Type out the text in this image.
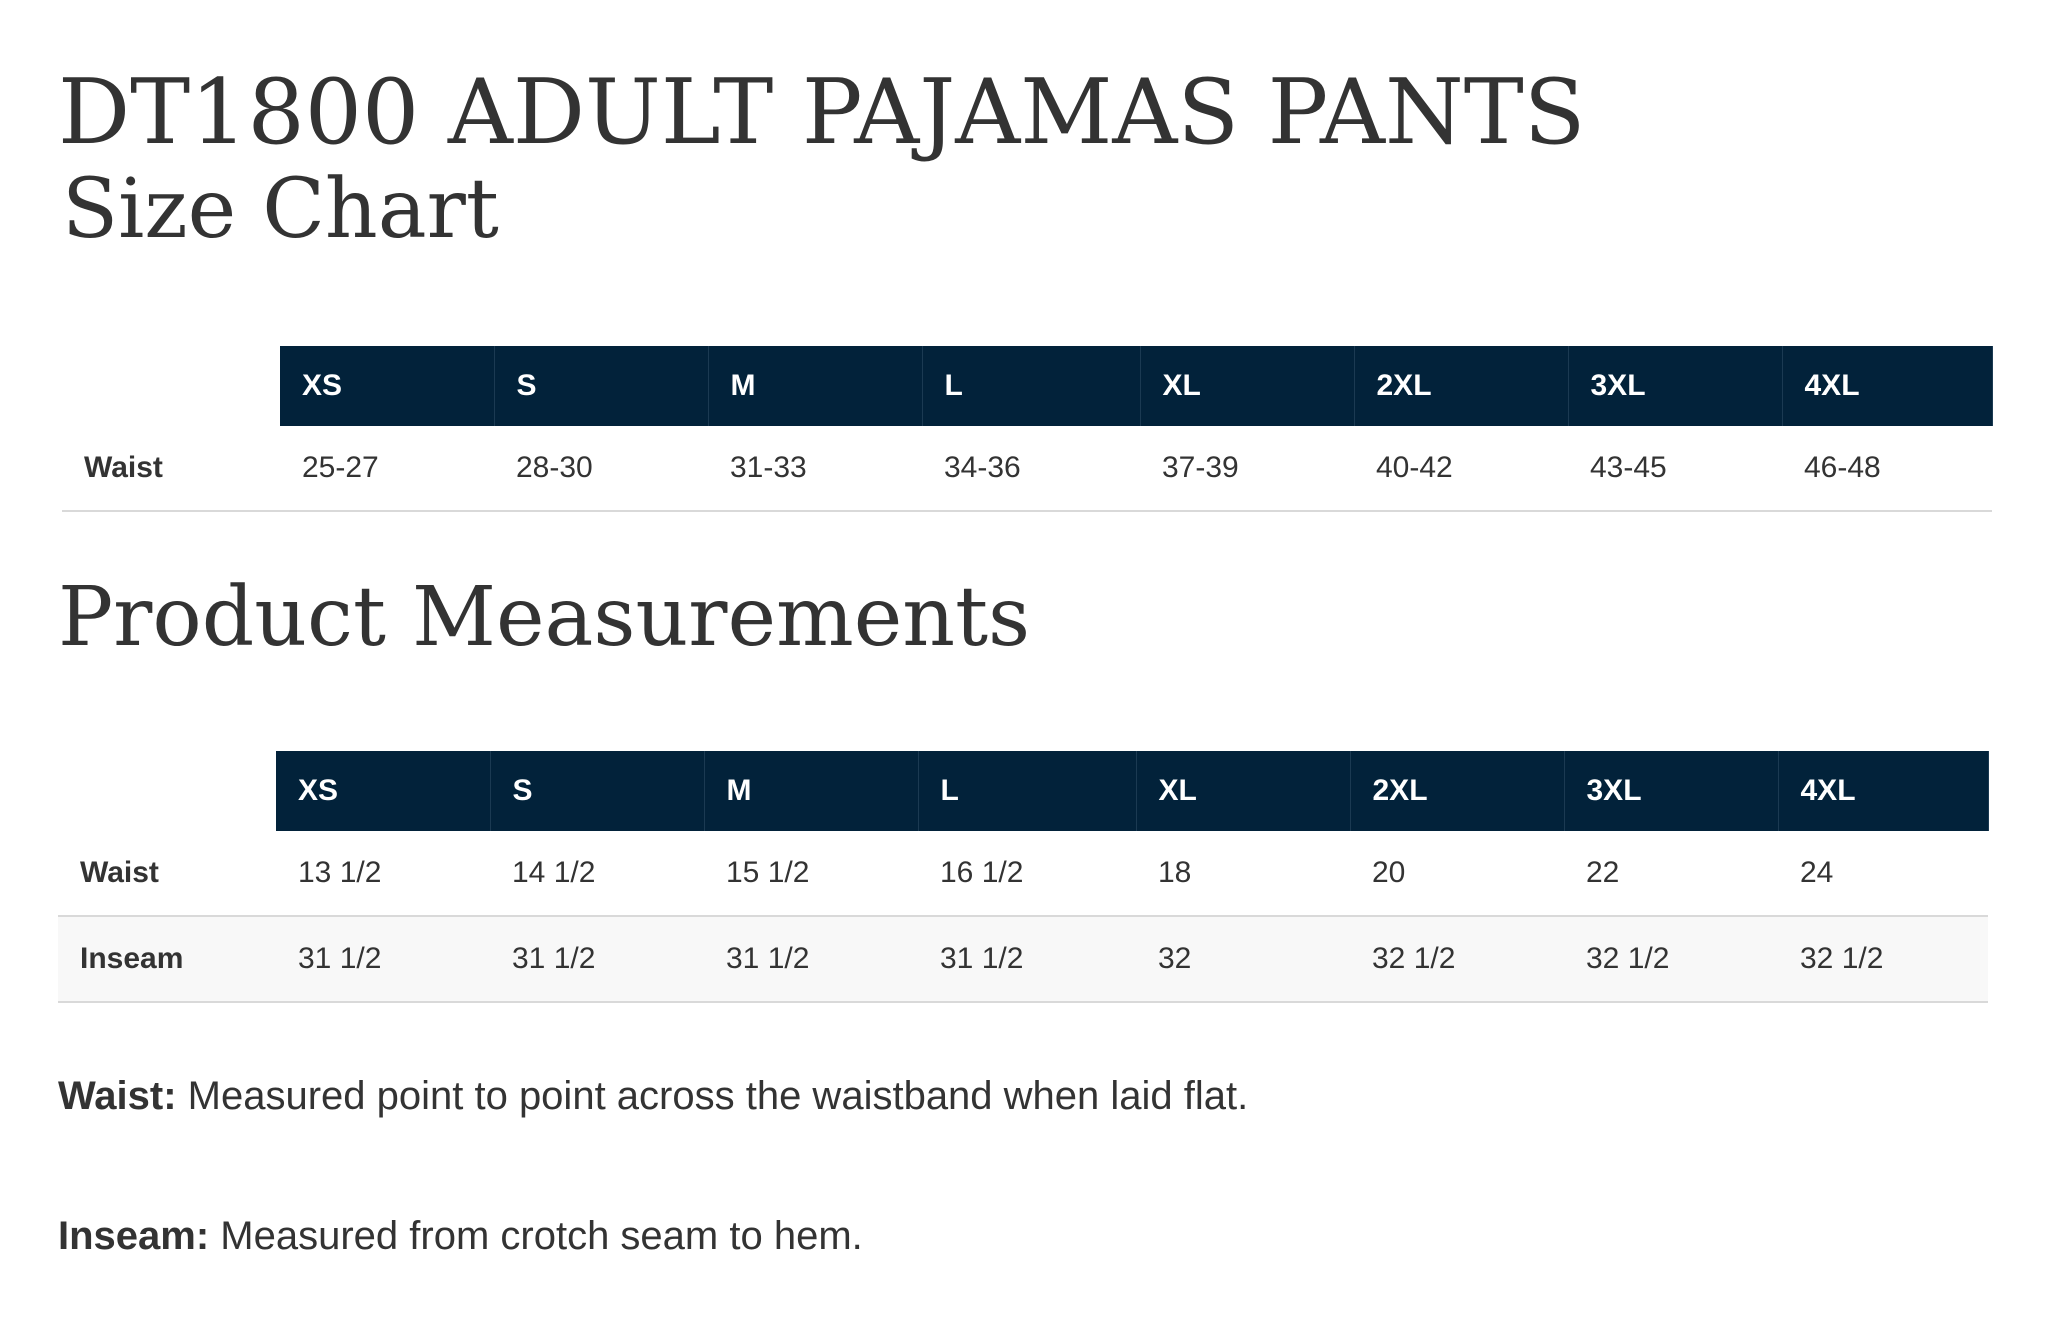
DT1800 ADULT PAJAMAS PANTS
Size Chart
	XS	S	M	L	XL	2XL	3XL	4XL
Waist	25-27	28-30	31-33	34-36	37-39	40-42	43-45	46-48
Product Measurements
	XS	S	M	L	XL	2XL	3XL	4XL
Waist	13 1/2	14 1/2	15 1/2	16 1/2	18	20	22	24
Inseam	31 1/2	31 1/2	31 1/2	31 1/2	32	32 1/2	32 1/2	32 1/2

Waist: Measured point to point across the waistband when laid flat.

Inseam: Measured from crotch seam to hem.
